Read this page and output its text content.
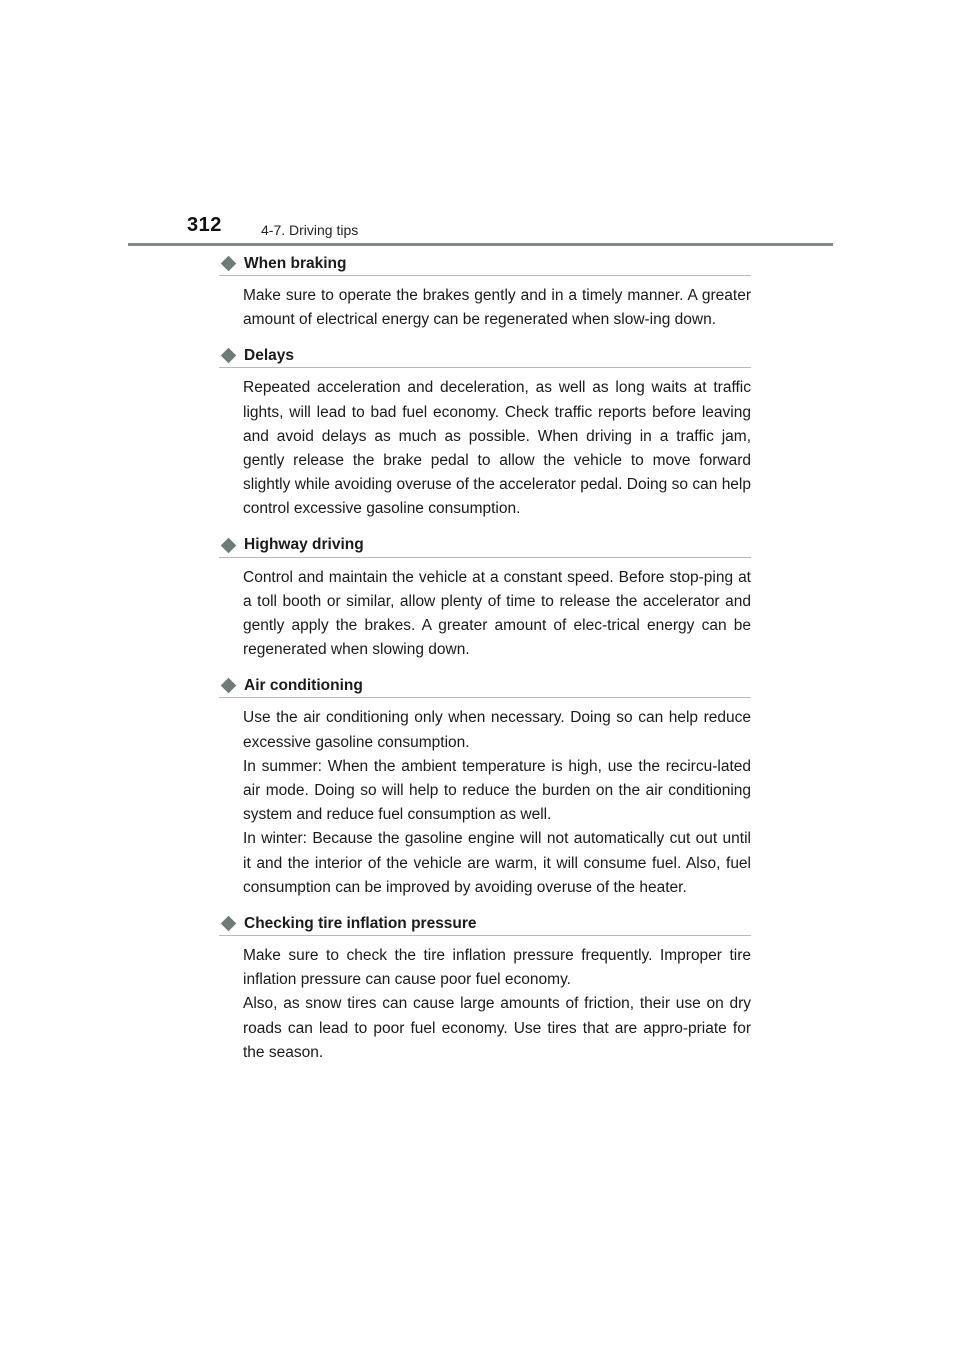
312	4-7. Driving tips
When braking

Make sure to operate the brakes gently and in a timely manner. A greater amount of electrical energy can be regenerated when slow-ing down.

Delays

Repeated acceleration and deceleration, as well as long waits at traffic lights, will lead to bad fuel economy. Check traffic reports before leaving and avoid delays as much as possible. When driving in a traffic jam, gently release the brake pedal to allow the vehicle to move forward slightly while avoiding overuse of the accelerator pedal. Doing so can help control excessive gasoline consumption.

Highway driving

Control and maintain the vehicle at a constant speed. Before stop-ping at a toll booth or similar, allow plenty of time to release the accelerator and gently apply the brakes. A greater amount of elec-trical energy can be regenerated when slowing down.

Air conditioning

Use the air conditioning only when necessary. Doing so can help reduce excessive gasoline consumption.

In summer: When the ambient temperature is high, use the recircu-lated air mode. Doing so will help to reduce the burden on the air conditioning system and reduce fuel consumption as well.

In winter: Because the gasoline engine will not automatically cut out until it and the interior of the vehicle are warm, it will consume fuel. Also, fuel consumption can be improved by avoiding overuse of the heater.

Checking tire inflation pressure

Make sure to check the tire inflation pressure frequently. Improper tire inflation pressure can cause poor fuel economy.

Also, as snow tires can cause large amounts of friction, their use on dry roads can lead to poor fuel economy. Use tires that are appro-priate for the season.
